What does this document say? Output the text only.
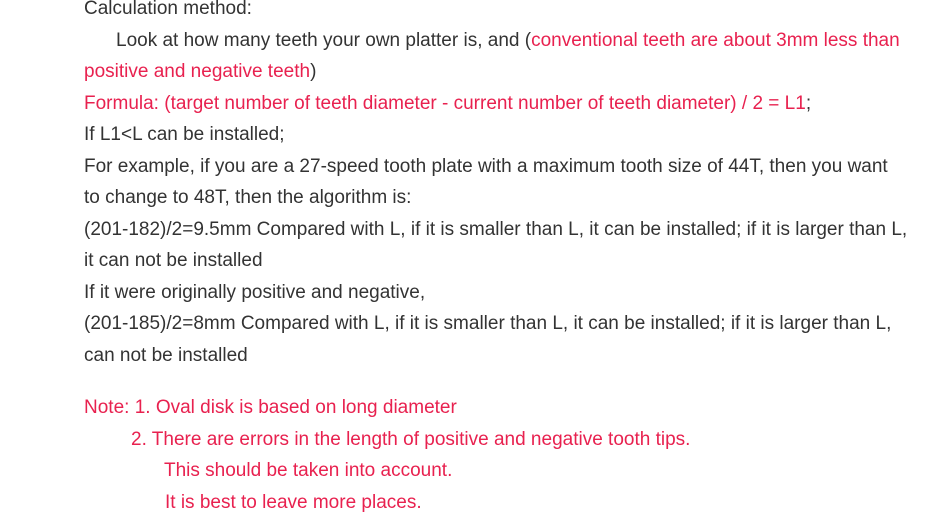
Calculation method:
Look at how many teeth your own platter is, and (conventional teeth are about 3mm less than
positive and negative teeth)
Formula: (target number of teeth diameter - current number of teeth diameter) / 2 = L1;
If L1<L can be installed;
For example, if you are a 27-speed tooth plate with a maximum tooth size of 44T, then you want
to change to 48T, then the algorithm is:
(201-182)/2=9.5mm Compared with L, if it is smaller than L, it can be installed; if it is larger than L,
it can not be installed
If it were originally positive and negative,
(201-185)/2=8mm Compared with L, if it is smaller than L, it can be installed; if it is larger than L,
can not be installed
Note: 1. Oval disk is based on long diameter
2. There are errors in the length of positive and negative tooth tips.
This should be taken into account.
It is best to leave more places.
